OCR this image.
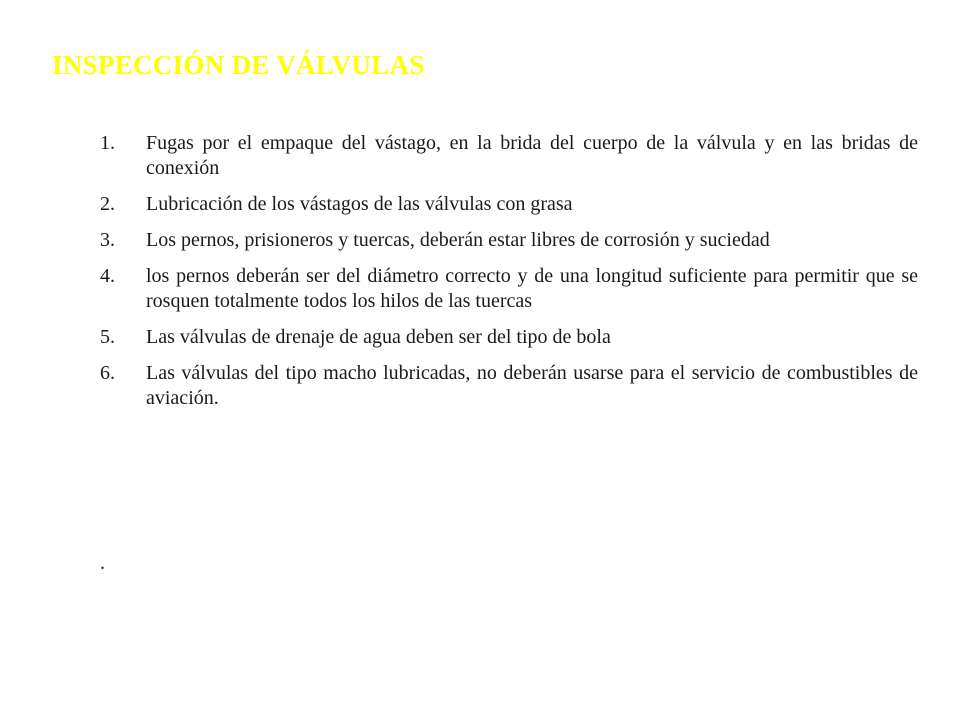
INSPECCIÓN DE VÁLVULAS
1.	Fugas por el empaque del vástago, en la brida del cuerpo de la válvula y en las bridas de conexión
2.	Lubricación de los vástagos de las válvulas con grasa
3.	Los pernos, prisioneros y tuercas, deberán estar libres de corrosión y suciedad
4.	los pernos deberán ser del diámetro correcto y de una longitud suficiente para permitir que se rosquen totalmente todos los hilos de las tuercas
5.	Las válvulas de drenaje de agua deben ser del tipo de bola
6.	Las válvulas del tipo macho lubricadas, no deberán usarse para el servicio de combustibles de aviación.
.
